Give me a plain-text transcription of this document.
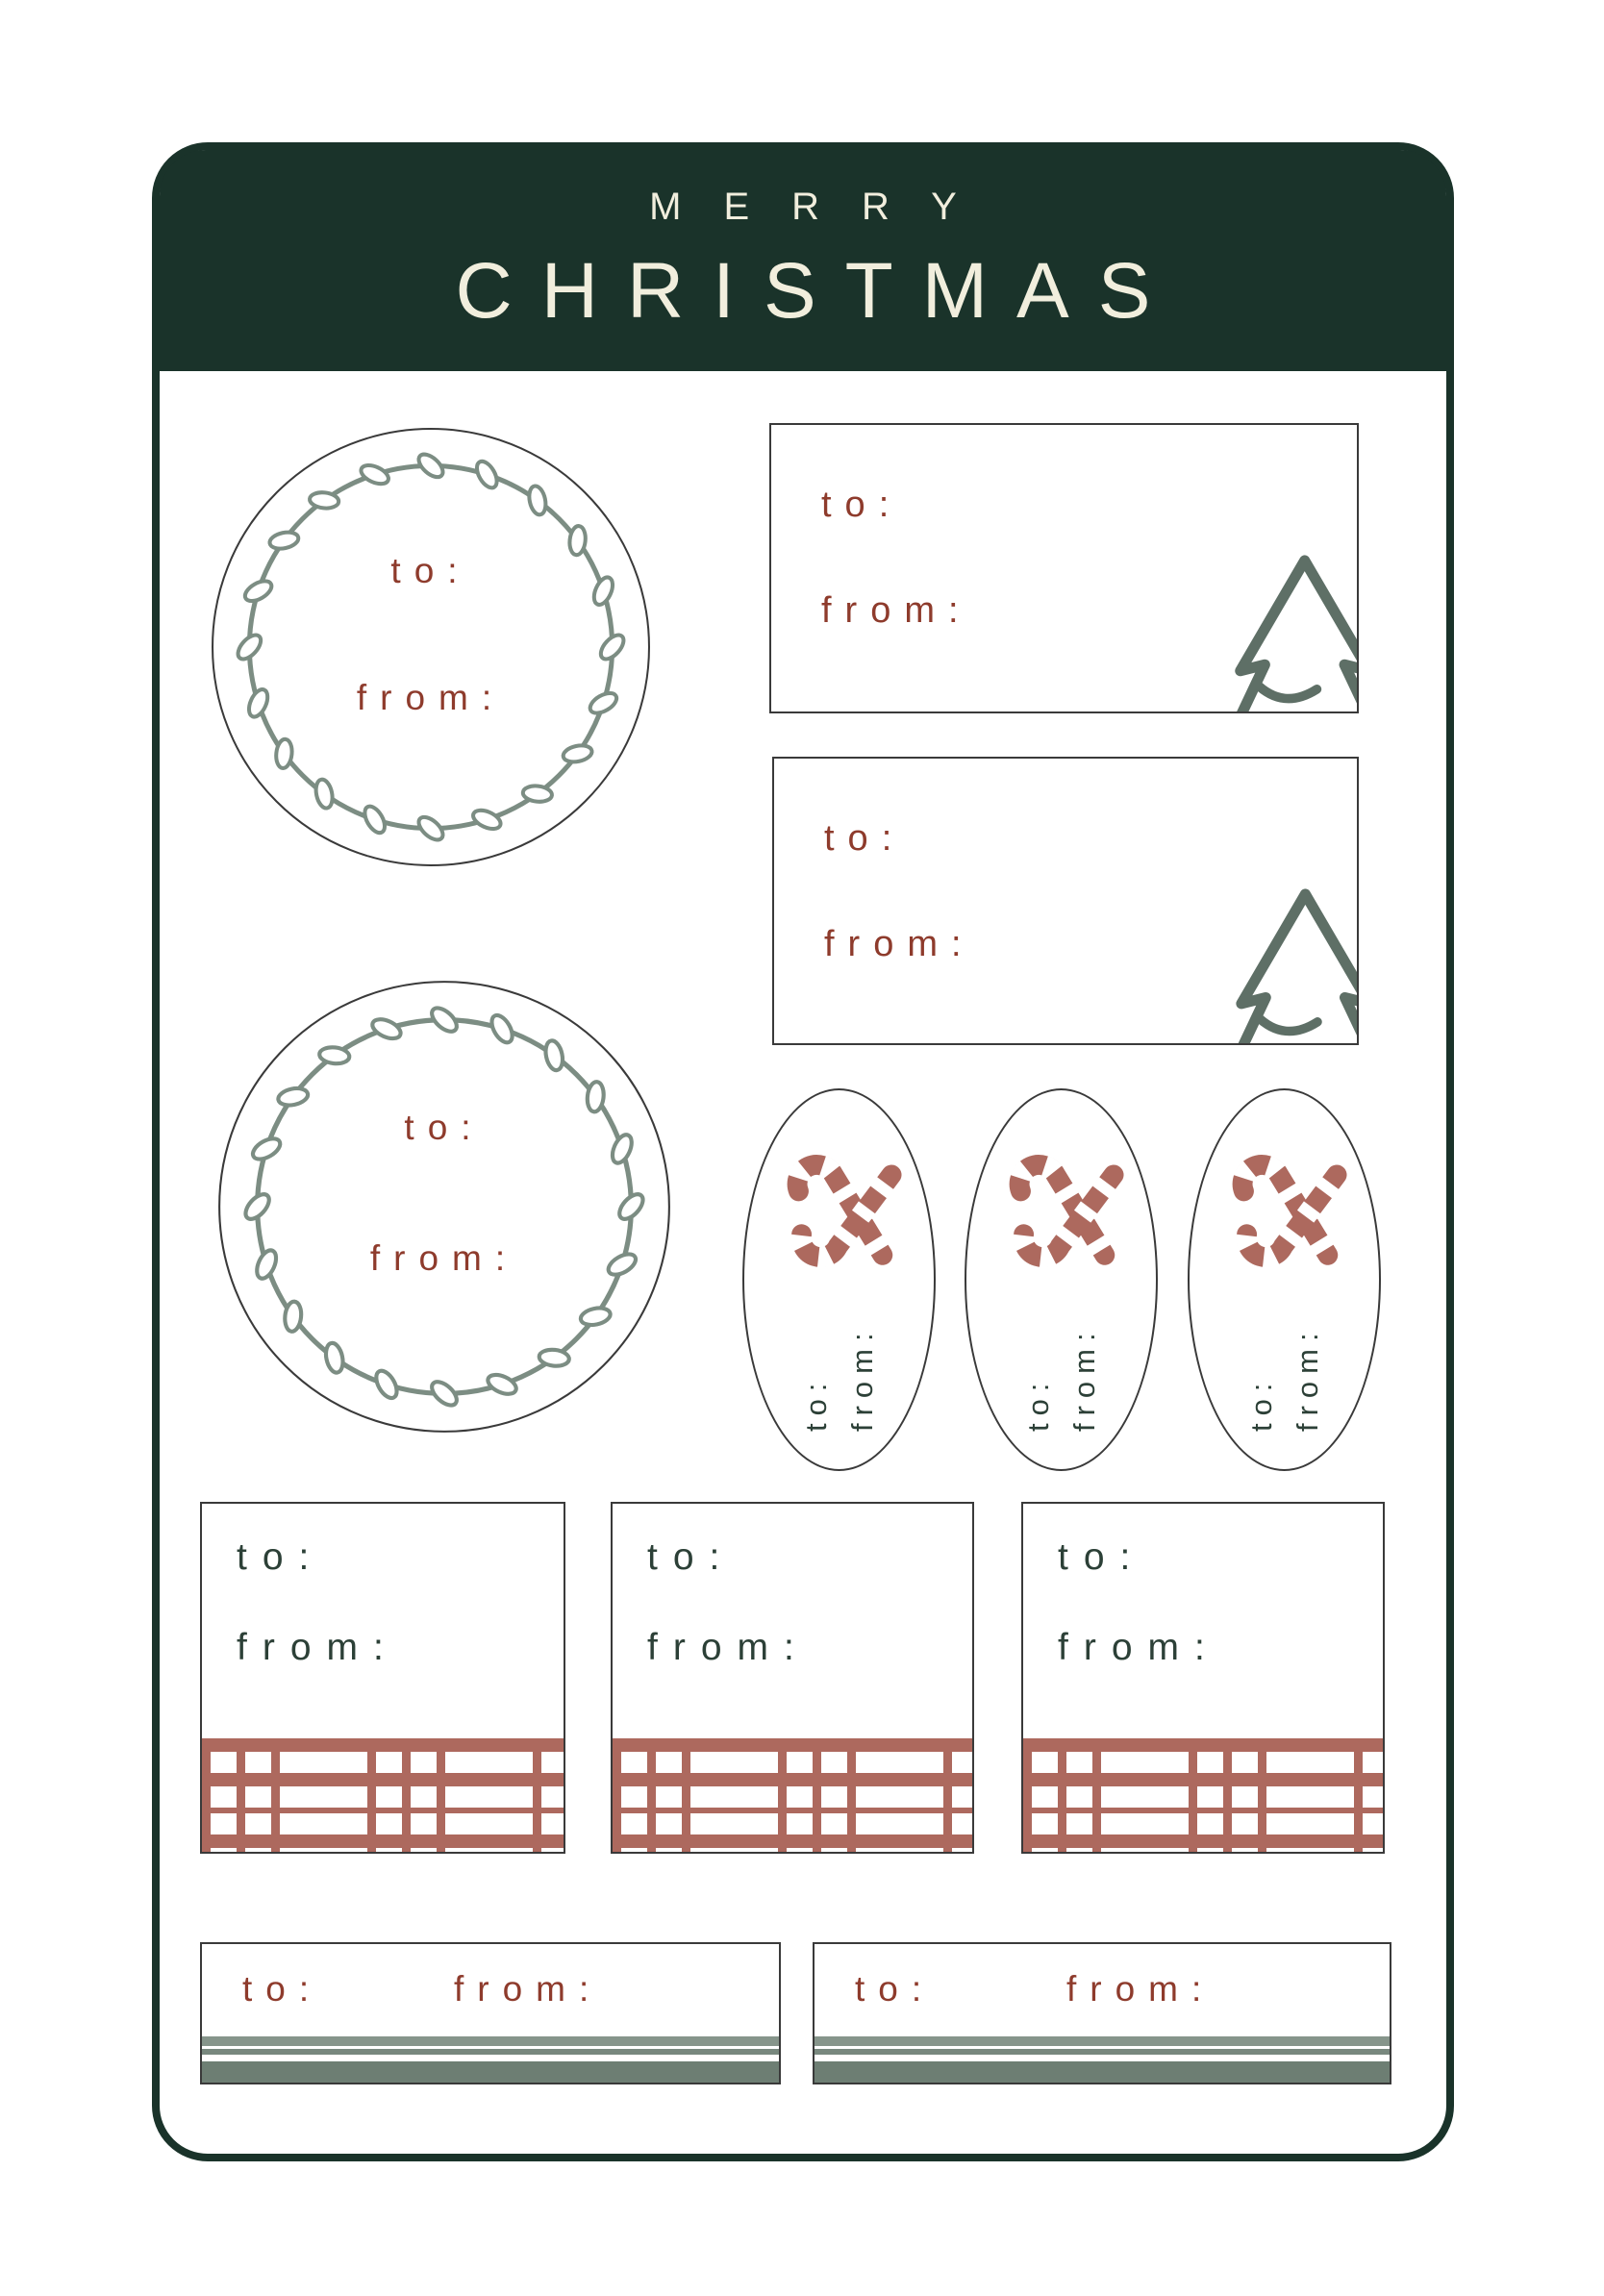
MERRY
CHRISTMAS
to:
from:
to:
from:
to:
from:
to:
from:
to: from:	to: from:	to: from:
to:
from:
to:
from:
to:
from:
to:	from:	to:	from:
